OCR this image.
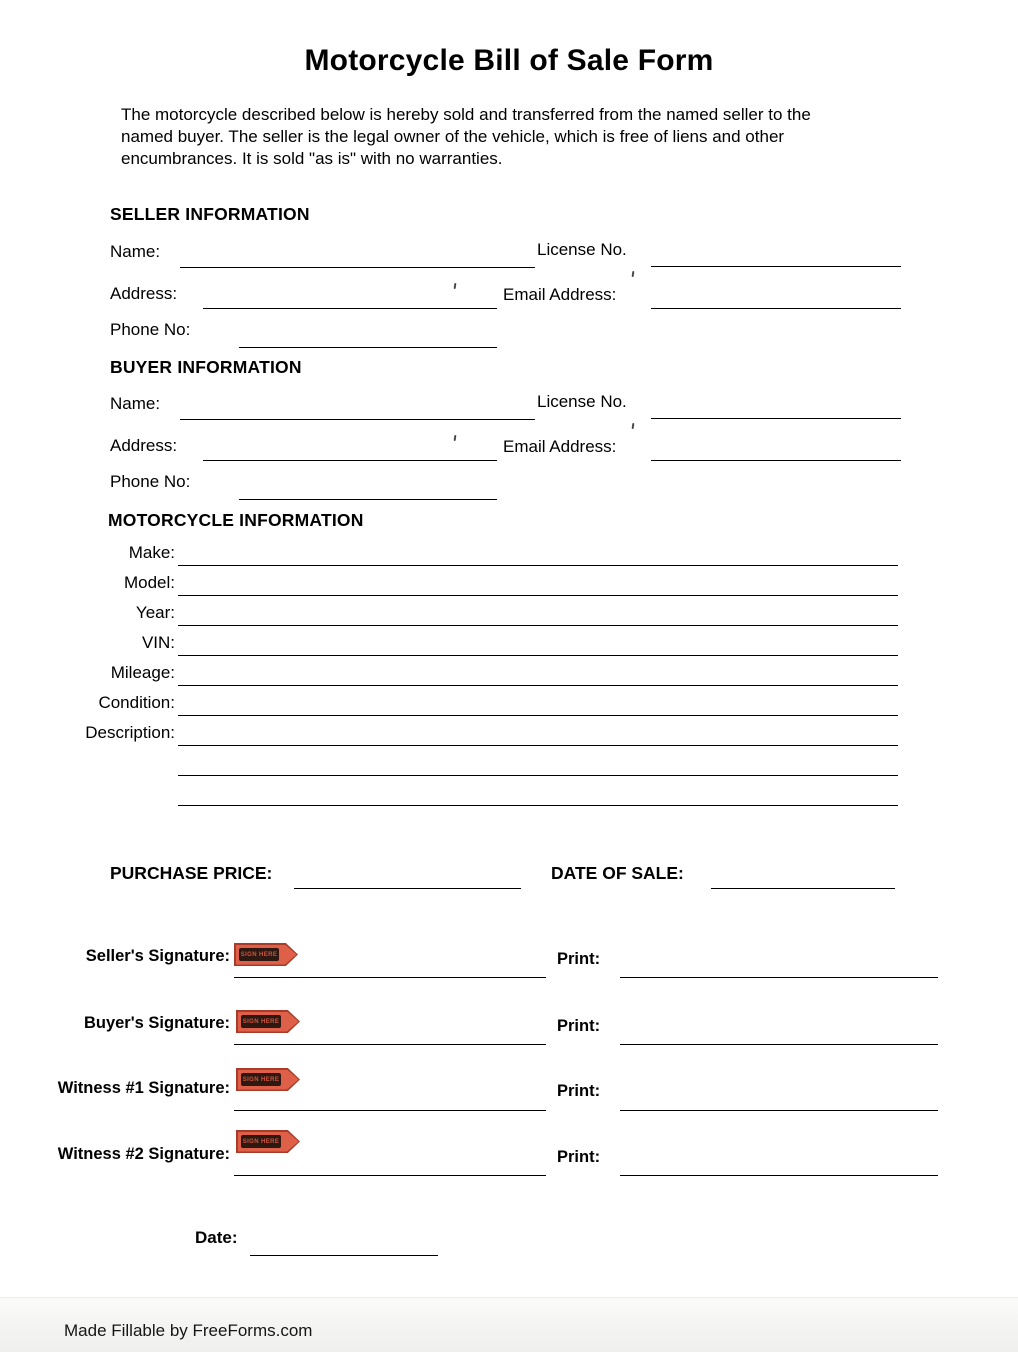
Motorcycle Bill of Sale Form
The motorcycle described below is hereby sold and transferred from the named seller to the
named buyer. The seller is the legal owner of the vehicle, which is free of liens and other
encumbrances. It is sold "as is" with no warranties.
SELLER INFORMATION
Name:	License No.
Address:	Email Address:
Phone No:
BUYER INFORMATION
Name:	License No.
Address:	Email Address:
Phone No:
MOTORCYCLE INFORMATION
Make:
Model:
Year:
VIN:
Mileage:
Condition:
Description:
PURCHASE PRICE:	DATE OF SALE:
Seller's Signature: SIGN HERE	Print:
Buyer's Signature: SIGN HERE	Print:
Witness #1 Signature: SIGN HERE
Print:
Witness #2 Signature:
SIGN HERE
Print:
Date:
Made Fillable by FreeForms.com
